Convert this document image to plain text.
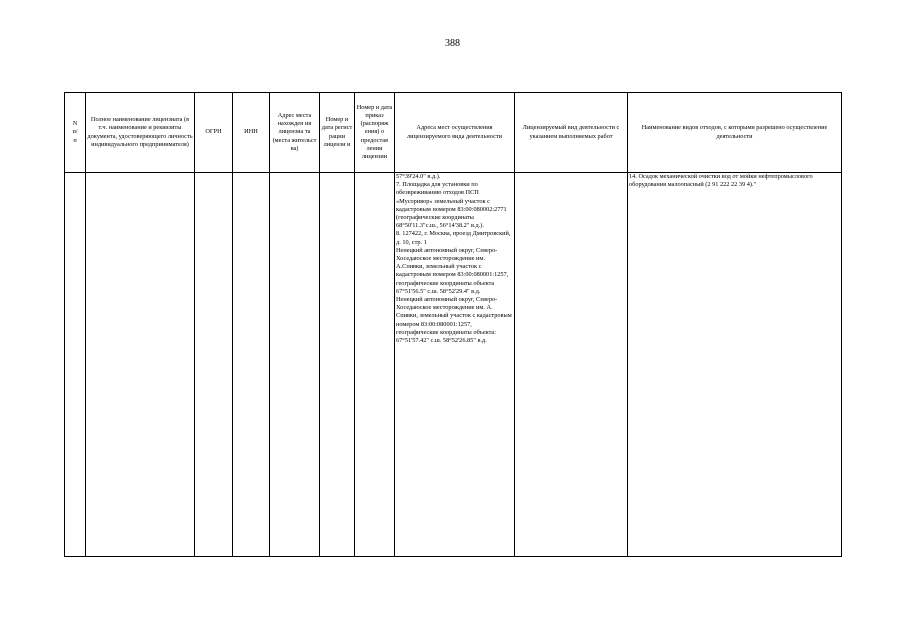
388
N
п/
п	Полное наименование лицензиата (в т.ч. наименование и реквизиты документа, удостоверяющего личность индивидуального предпринимателя)	ОГРН	ИНН	Адрес места нахожден ия лицензиа та (места жительст ва)	Номер и дата регист рации лицензи и	Номер и дата приказ (распоряж ения) о предостав лении лицензии	Адреса мест осуществления лицензируемого вида деятельности	Лицензируемый вид деятельности с указанием выполняемых работ	Наименование видов отходов, с которыми разрешено осуществление деятельности
							57°39'24.0" в.д.).
7. Площадка для установки по обезвреживанию отходов ПСП «Мусоривор» земельный участок с кадастровым номером 83:00:080002:2771 (географические координаты 68°50'11.3"с.ш., 56°14'38.2" в.д.).
8. 127422, г. Москва, проезд Дмитровский, д. 10, стр. 1
Ненецкий автономный округ, Северо-Хоседаюское месторождение им. А.Спивки, земельный участок с кадастровым номером 83:00:080001:1257, географические координаты объекта 67°51'56.5" с.ш. 58°52'29.4" в.д.
Ненецкий автономный округ, Северо-Хоседаюское месторождение им. А. Спивки, земельный участок с кадастровым номером 83:00:080001:1257, географические координаты объекта: 67°51'57.42" с.ш. 58°52'26.85" в.д.		14. Осадок механической очистки вод от мойки нефтепромыслового оборудования малоопасный (2 91 222 22 39 4)."
